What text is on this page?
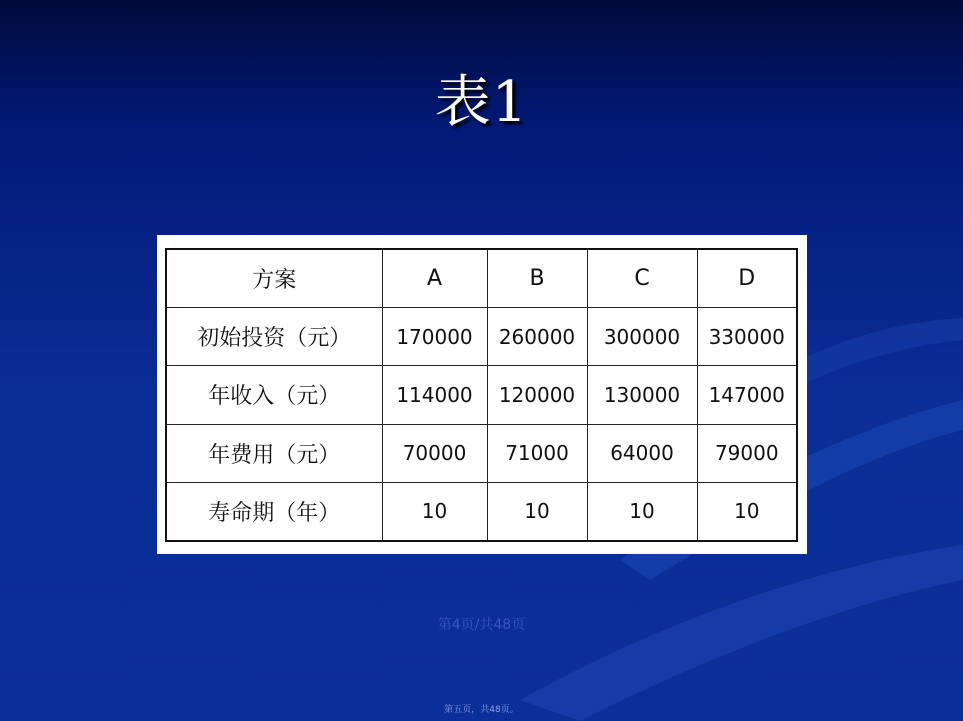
表1
方案	A	B	C	D
初始投资（元）	170000	260000	300000	330000
年收入（元）	114000	120000	130000	147000
年费用（元）	70000	71000	64000	79000
寿命期（年）	10	10	10	10
第4页/共48页
第五页，共48页。
